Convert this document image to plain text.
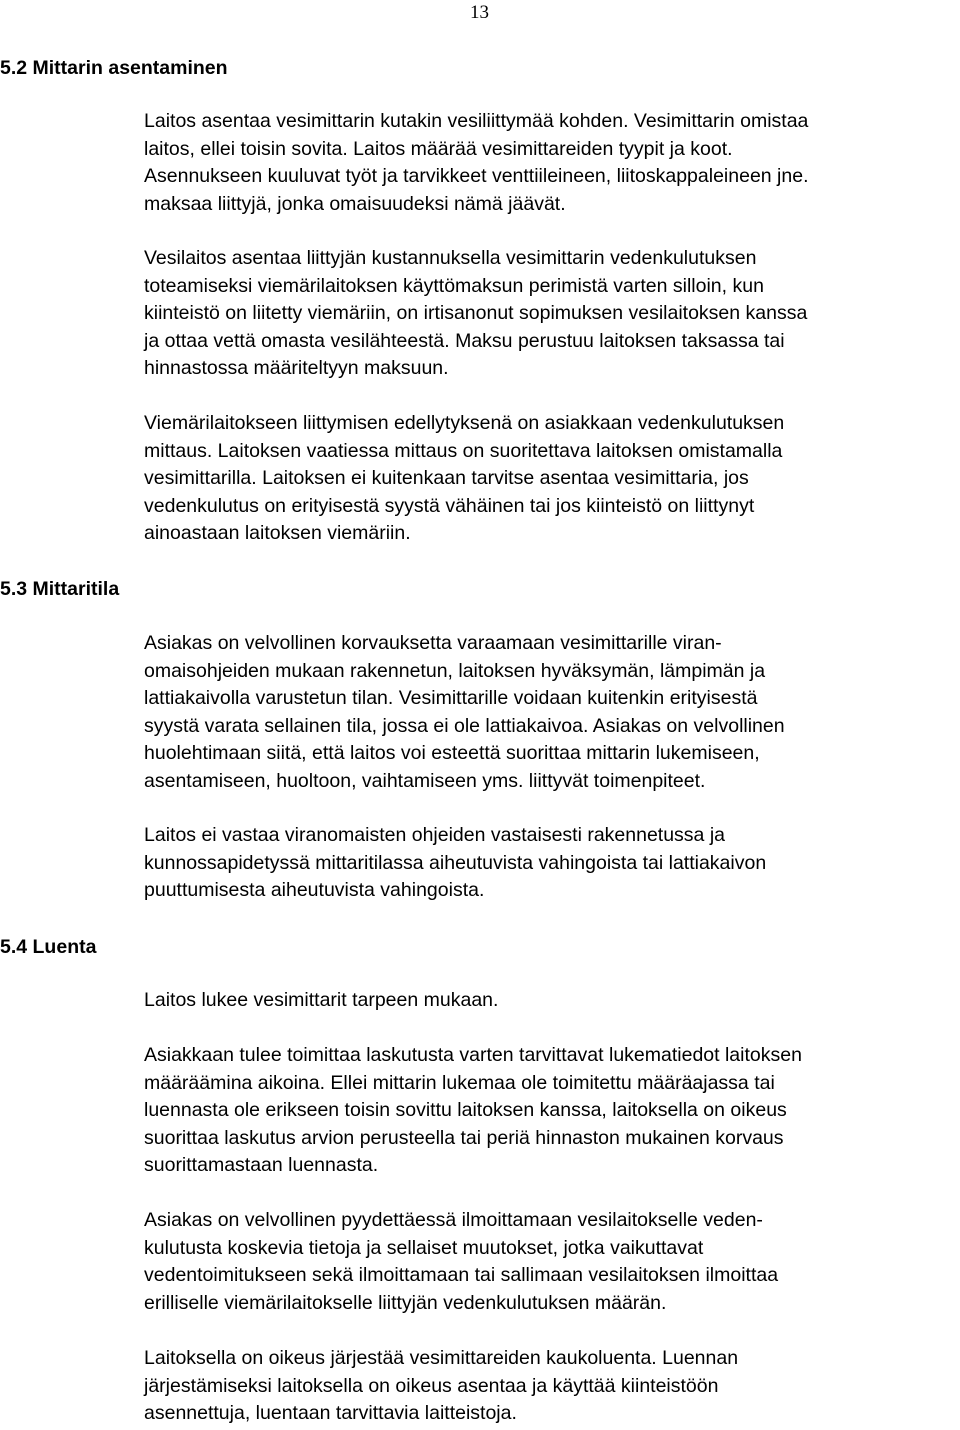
13
5.2 Mittarin asentaminen
Laitos asentaa vesimittarin kutakin vesiliittymää kohden. Vesimittarin omistaa
laitos, ellei toisin sovita. Laitos määrää vesimittareiden tyypit ja koot.
Asennukseen kuuluvat työt ja tarvikkeet venttiileineen, liitoskappaleineen jne.
maksaa liittyjä, jonka omaisuudeksi nämä jäävät.
Vesilaitos asentaa liittyjän kustannuksella vesimittarin vedenkulutuksen
toteamiseksi viemärilaitoksen käyttömaksun perimistä varten silloin, kun
kiinteistö on liitetty viemäriin, on irtisanonut sopimuksen vesilaitoksen kanssa
ja ottaa vettä omasta vesilähteestä. Maksu perustuu laitoksen taksassa tai
hinnastossa määriteltyyn maksuun.
Viemärilaitokseen liittymisen edellytyksenä on asiakkaan vedenkulutuksen
mittaus. Laitoksen vaatiessa mittaus on suoritettava laitoksen omistamalla
vesimittarilla. Laitoksen ei kuitenkaan tarvitse asentaa vesimittaria, jos
vedenkulutus on erityisestä syystä vähäinen tai jos kiinteistö on liittynyt
ainoastaan laitoksen viemäriin.
5.3 Mittaritila
Asiakas on velvollinen korvauksetta varaamaan vesimittarille viran-
omaisohjeiden mukaan rakennetun, laitoksen hyväksymän, lämpimän ja
lattiakaivolla varustetun tilan. Vesimittarille voidaan kuitenkin erityisestä
syystä varata sellainen tila, jossa ei ole lattiakaivoa. Asiakas on velvollinen
huolehtimaan siitä, että laitos voi esteettä suorittaa mittarin lukemiseen,
asentamiseen, huoltoon, vaihtamiseen yms. liittyvät toimenpiteet.
Laitos ei vastaa viranomaisten ohjeiden vastaisesti rakennetussa ja
kunnossapidetyssä mittaritilassa aiheutuvista vahingoista tai lattiakaivon
puuttumisesta aiheutuvista vahingoista.
5.4 Luenta
Laitos lukee vesimittarit tarpeen mukaan.
Asiakkaan tulee toimittaa laskutusta varten tarvittavat lukematiedot laitoksen
määräämina aikoina. Ellei mittarin lukemaa ole toimitettu määräajassa tai
luennasta ole erikseen toisin sovittu laitoksen kanssa, laitoksella on oikeus
suorittaa laskutus arvion perusteella tai periä hinnaston mukainen korvaus
suorittamastaan luennasta.
Asiakas on velvollinen pyydettäessä ilmoittamaan vesilaitokselle veden-
kulutusta koskevia tietoja ja sellaiset muutokset, jotka vaikuttavat
vedentoimitukseen sekä ilmoittamaan tai sallimaan vesilaitoksen ilmoittaa
erilliselle viemärilaitokselle liittyjän vedenkulutuksen määrän.
Laitoksella on oikeus järjestää vesimittareiden kaukoluenta. Luennan
järjestämiseksi laitoksella on oikeus asentaa ja käyttää kiinteistöön
asennettuja, luentaan tarvittavia laitteistoja.
